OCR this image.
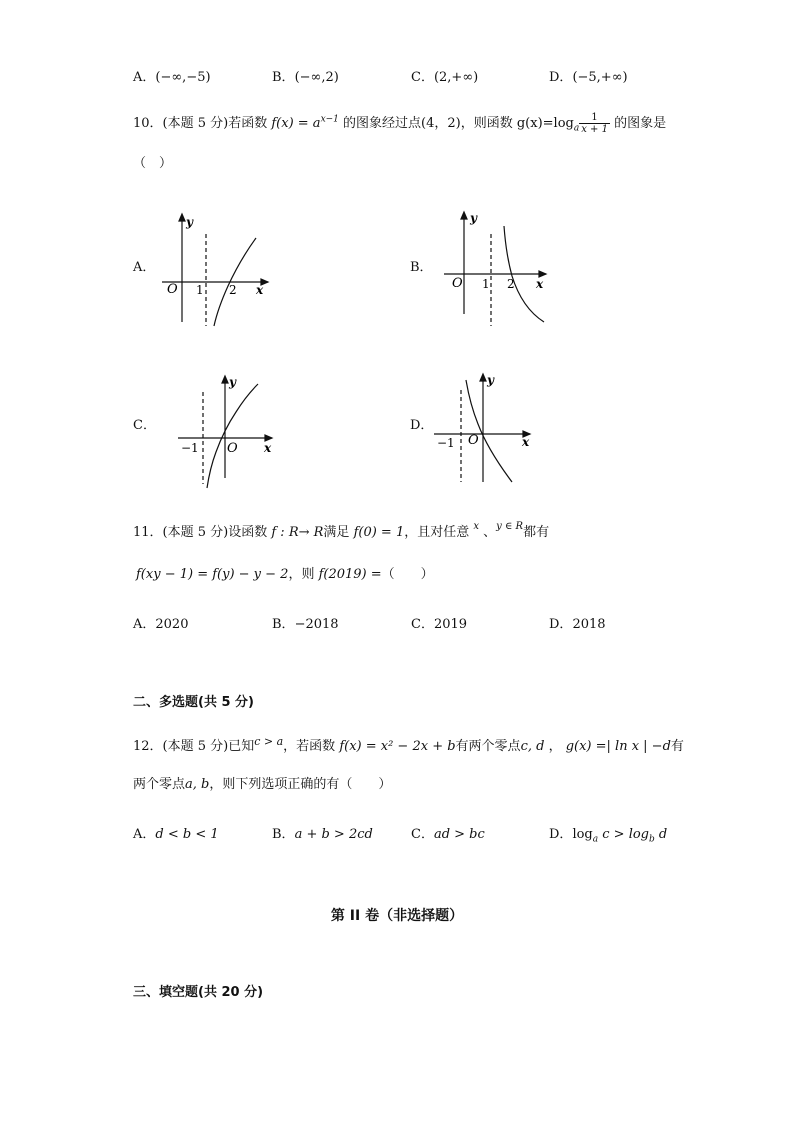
A．(−∞,−5)	B．(−∞,2)	C．(2,+∞)	D．(−5,+∞)
10．(本题 5 分)若函数 $f(x) = a^{x-1}$ 的图象经过点(4，2)，则函数 $g(x)=\log_a \frac{1}{x + 1}$ 的图象是
（　）
A．
y
O 1 2 x
B．
y
O 1 2 x
C．
y
−1 O x
D．
y
−1 O	x
11．(本题 5 分)设函数 f : R→ R满足 f(0) = 1，且对任意 $^x$ 、$^{y \in R}$都有
f(xy − 1) = f(y) − y − 2，则 f(2019) =（　　）
A．2020	B．−2018	C．2019	D．2018
二、多选题(共 5 分)
12．(本题 5 分)已知$^{c > a}$，若函数 f(x) = x² − 2x + b有两个零点c, d ， g(x) =| ln x | −d有
两个零点a, b，则下列选项正确的有（　　）
A．d < b < 1	B．a + b > 2cd	C．ad > bc	D．$\log_a c > \log_b d$
第 II 卷（非选择题）
三、填空题(共 20 分)
